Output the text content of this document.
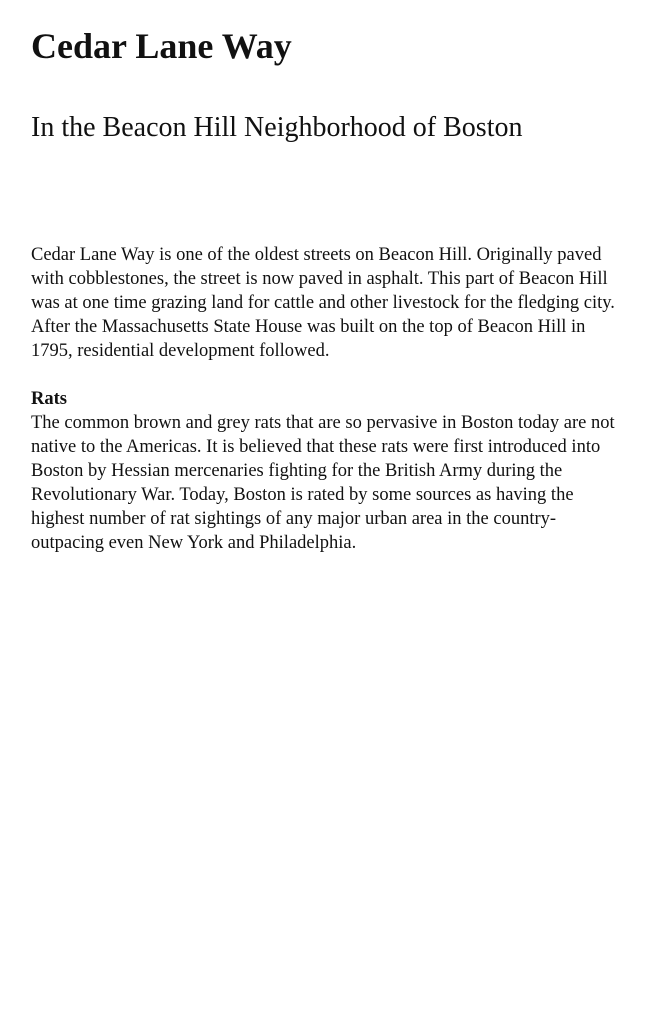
Cedar Lane Way
In the Beacon Hill Neighborhood of Boston

Cedar Lane Way is one of the oldest streets on Beacon Hill. Originally paved with cobblestones, the street is now paved in asphalt. This part of Beacon Hill was at one time grazing land for cattle and other livestock for the fledging city. After the Massachusetts State House was built on the top of Beacon Hill in 1795, residential development followed.

Rats

The common brown and grey rats that are so pervasive in Boston today are not native to the Americas. It is believed that these rats were first introduced into Boston by Hessian mercenaries fighting for the British Army during the Revolutionary War. Today, Boston is rated by some sources as having the highest number of rat sightings of any major urban area in the country- outpacing even New York and Philadelphia.
